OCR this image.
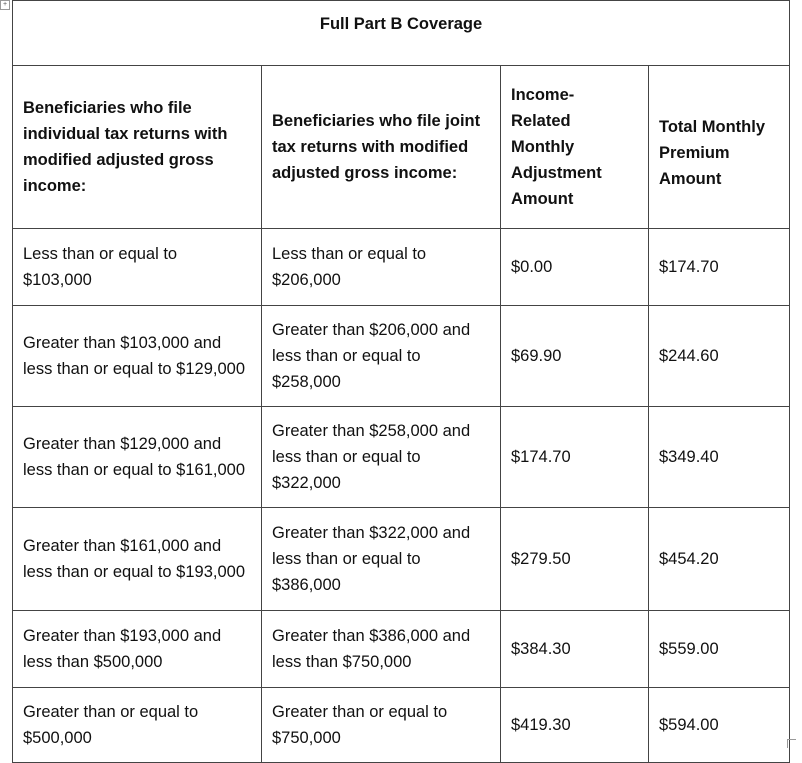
+
Full Part B Coverage			
Beneficiaries who file individual tax returns with modified adjusted gross income:	Beneficiaries who file joint tax returns with modified adjusted gross income:	Income-Related Monthly Adjustment Amount	Total Monthly Premium Amount
Less than or equal to $103,000	Less than or equal to $206,000	$0.00	$174.70
Greater than $103,000 and less than or equal to $129,000	Greater than $206,000 and less than or equal to $258,000	$69.90	$244.60
Greater than $129,000 and less than or equal to $161,000	Greater than $258,000 and less than or equal to $322,000	$174.70	$349.40
Greater than $161,000 and less than or equal to $193,000	Greater than $322,000 and less than or equal to $386,000	$279.50	$454.20
Greater than $193,000 and less than $500,000	Greater than $386,000 and less than $750,000	$384.30	$559.00
Greater than or equal to $500,000	Greater than or equal to $750,000	$419.30	$594.00
